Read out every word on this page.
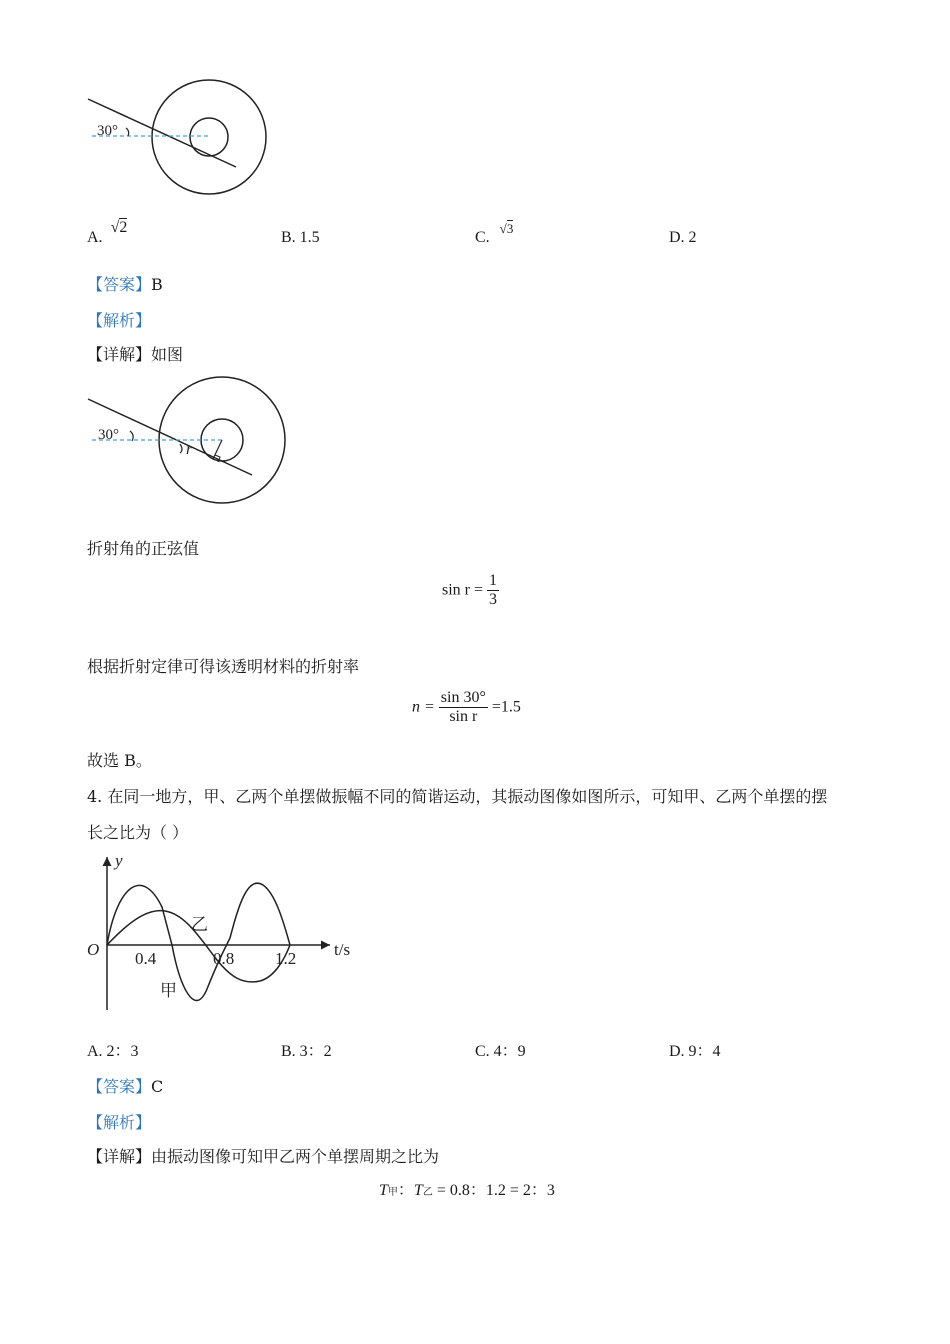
30°
A. √2
B. 1.5	C. $^{√3}$
D. 2
【答案】B
【解析】
【详解】如图
30°
r
折射角的正弦值
$\sin r = \frac{1}{3}$
根据折射定律可得该透明材料的折射率
$n = \frac{\sin 30^\circ}{\text{sin r}} =1.5$
故选 B。
4. 在同一地方，甲、乙两个单摆做振幅不同的简谐运动，其振动图像如图所示，可知甲、乙两个单摆的摆
长之比为（ ）
y
t/s
O 0.4	0.8 1.2
乙
甲
A. 2：3	B. 3：2	C. 4：9	D. 9：4
【答案】C
【解析】
【详解】由振动图像可知甲乙两个单摆周期之比为
T甲：T乙 = 0.8：1.2 = 2：3
